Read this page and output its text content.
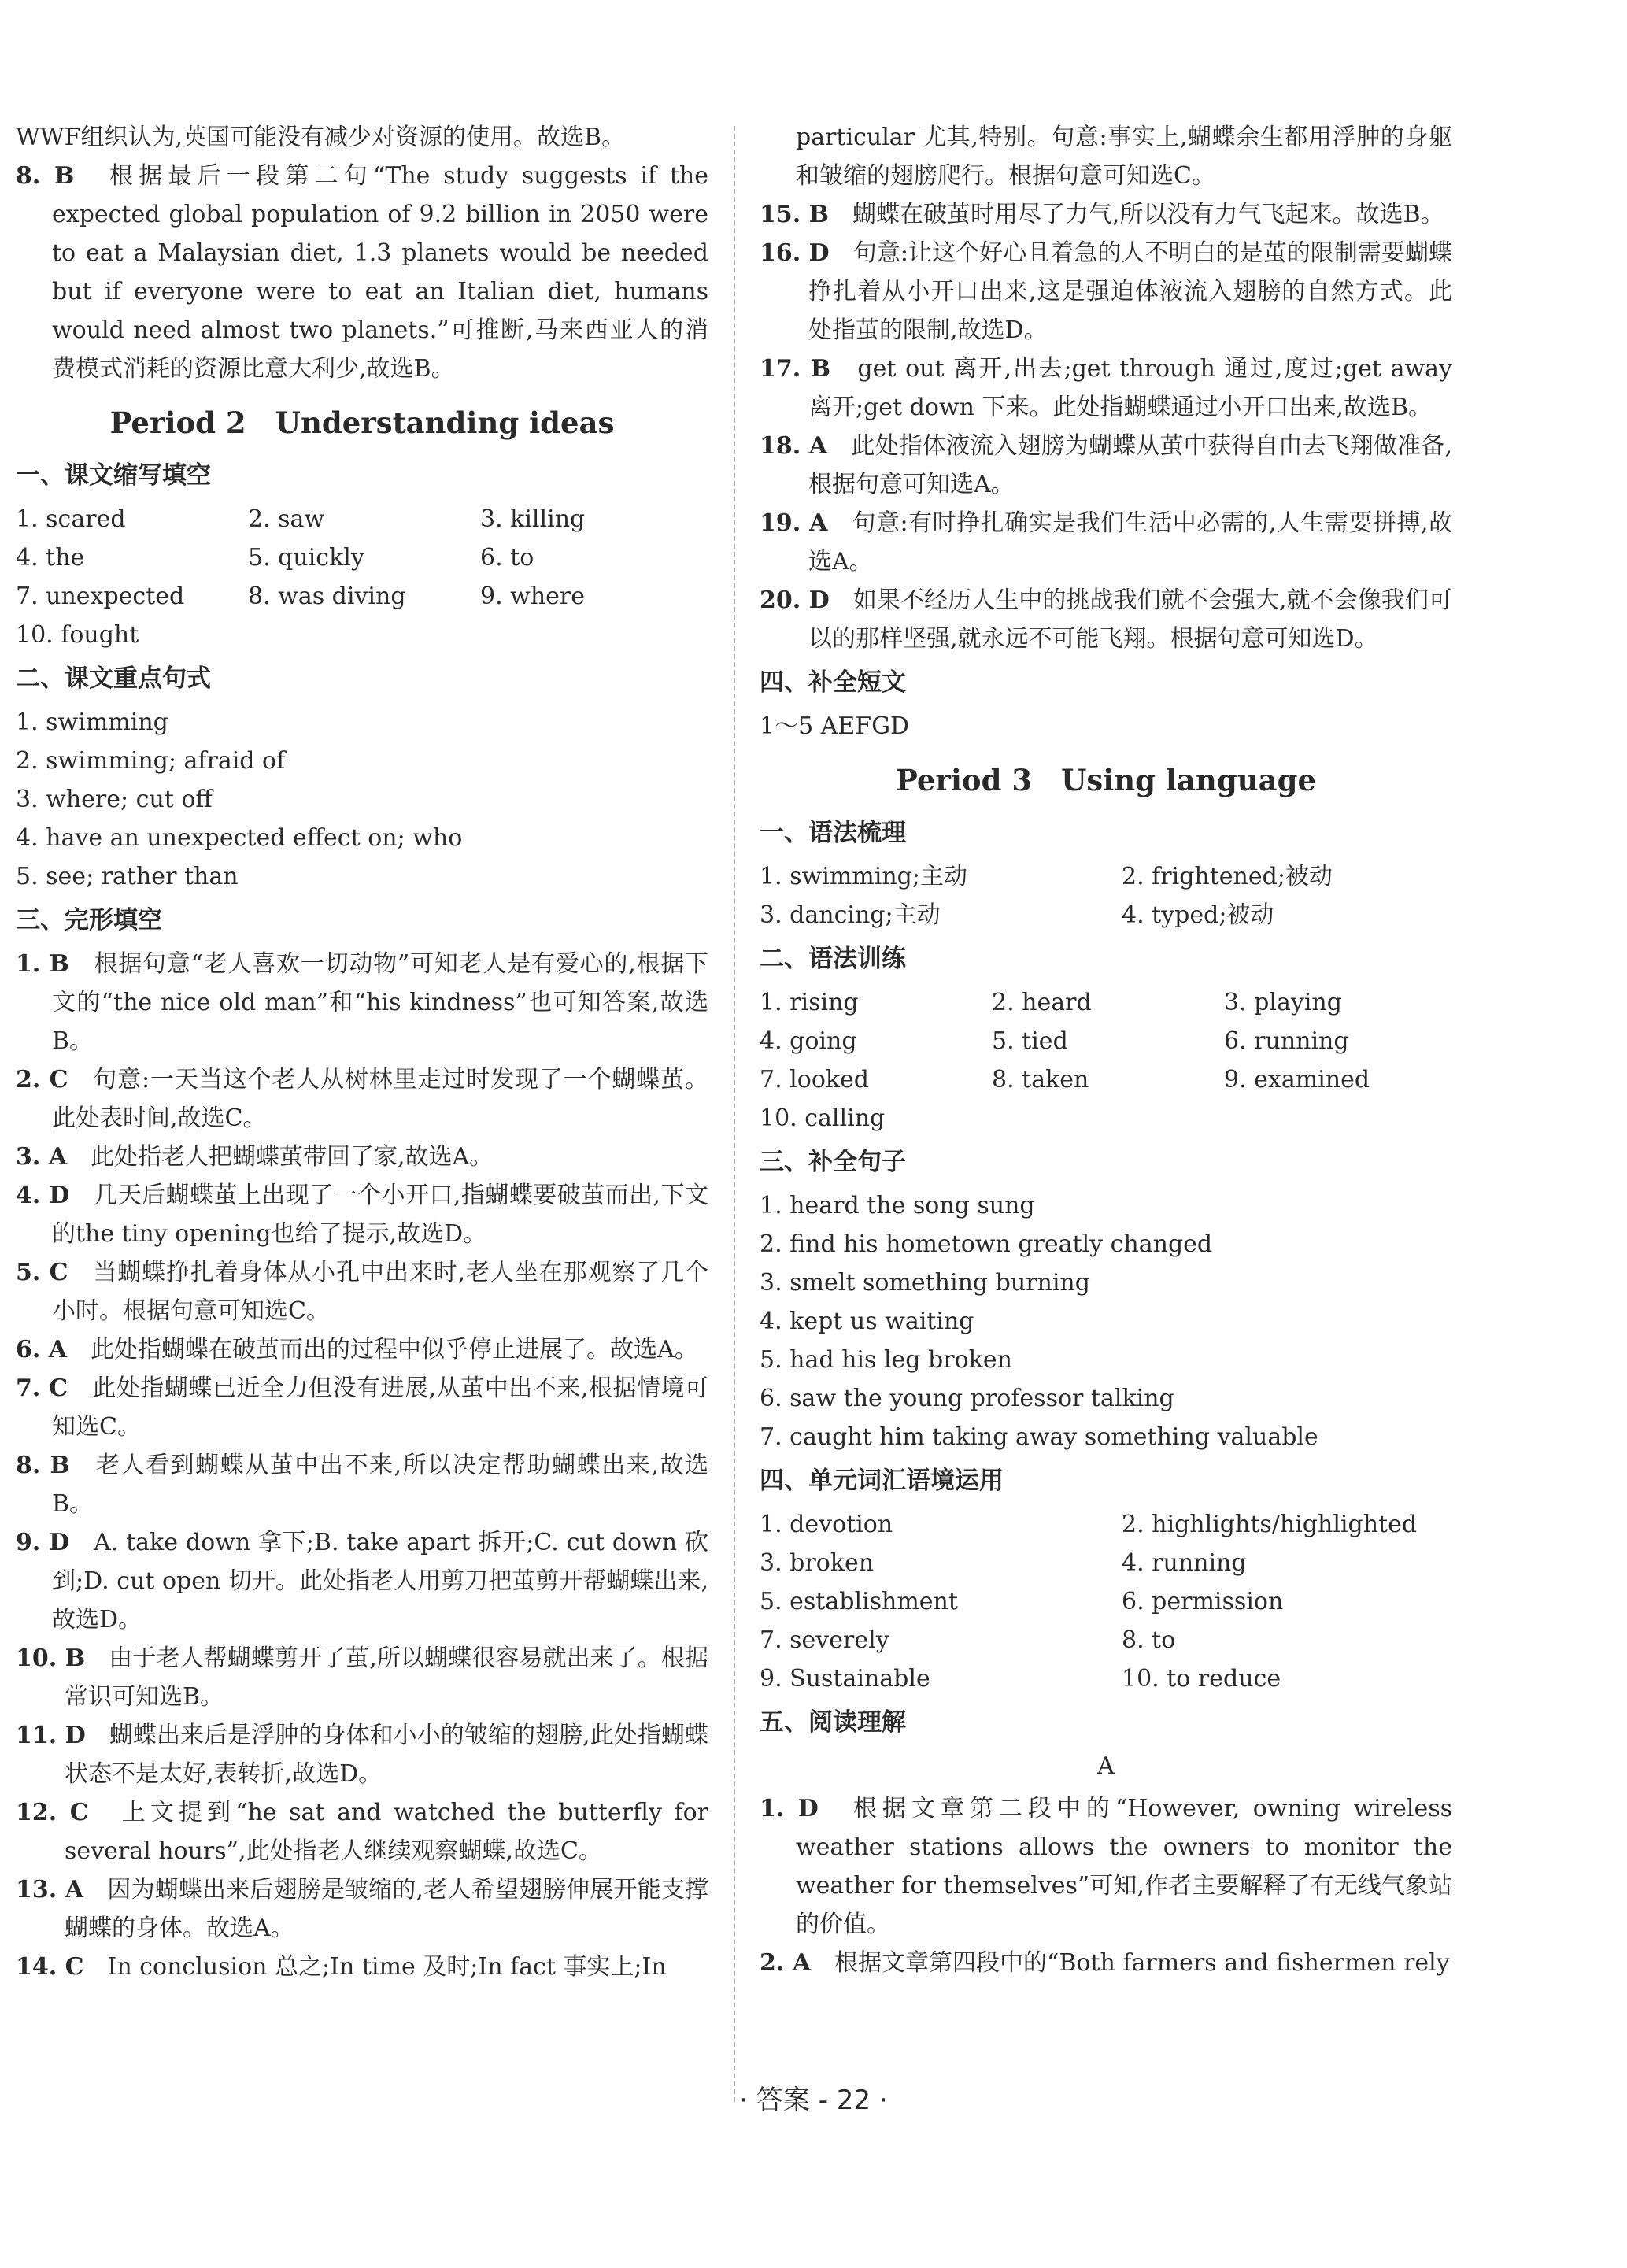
WWF组织认为,英国可能没有减少对资源的使用。故选B。

8. B　 根据最后一段第二句“The study suggests if the expected global population of 9.2 billion in 2050 were to eat a Malaysian diet, 1.3 planets would be needed but if everyone were to eat an Italian diet, humans would need almost two planets.”可推断,马来西亚人的消费模式消耗的资源比意大利少,故选B。

Period 2　Understanding ideas
一、课文缩写填空
1. scared	2. saw	3. killing
4. the	5. quickly	6. to
7. unexpected	8. was diving	9. where
10. fought
二、课文重点句式
1. swimming
2. swimming; afraid of
3. where; cut off
4. have an unexpected effect on; who
5. see; rather than
三、完形填空

1. B　 根据句意“老人喜欢一切动物”可知老人是有爱心的,根据下文的“the nice old man”和“his kindness”也可知答案,故选B。

2. C　 句意:一天当这个老人从树林里走过时发现了一个蝴蝶茧。此处表时间,故选C。

3. A　 此处指老人把蝴蝶茧带回了家,故选A。

4. D　 几天后蝴蝶茧上出现了一个小开口,指蝴蝶要破茧而出,下文的the tiny opening也给了提示,故选D。

5. C　 当蝴蝶挣扎着身体从小孔中出来时,老人坐在那观察了几个小时。根据句意可知选C。

6. A　 此处指蝴蝶在破茧而出的过程中似乎停止进展了。故选A。

7. C　 此处指蝴蝶已近全力但没有进展,从茧中出不来,根据情境可知选C。

8. B　 老人看到蝴蝶从茧中出不来,所以决定帮助蝴蝶出来,故选B。

9. D　 A. take down 拿下;B. take apart 拆开;C. cut down 砍到;D. cut open 切开。此处指老人用剪刀把茧剪开帮蝴蝶出来,故选D。

10. B　 由于老人帮蝴蝶剪开了茧,所以蝴蝶很容易就出来了。根据常识可知选B。

11. D　 蝴蝶出来后是浮肿的身体和小小的皱缩的翅膀,此处指蝴蝶状态不是太好,表转折,故选D。

12. C　 上文提到“he sat and watched the butterfly for several hours”,此处指老人继续观察蝴蝶,故选C。

13. A　 因为蝴蝶出来后翅膀是皱缩的,老人希望翅膀伸展开能支撑蝴蝶的身体。故选A。

14. C　 In conclusion 总之;In time 及时;In fact 事实上;In

particular 尤其,特别。句意:事实上,蝴蝶余生都用浮肿的身躯和皱缩的翅膀爬行。根据句意可知选C。

15. B　 蝴蝶在破茧时用尽了力气,所以没有力气飞起来。故选B。

16. D　 句意:让这个好心且着急的人不明白的是茧的限制需要蝴蝶挣扎着从小开口出来,这是强迫体液流入翅膀的自然方式。此处指茧的限制,故选D。

17. B　 get out 离开,出去;get through 通过,度过;get away 离开;get down 下来。此处指蝴蝶通过小开口出来,故选B。

18. A　 此处指体液流入翅膀为蝴蝶从茧中获得自由去飞翔做准备,根据句意可知选A。

19. A　 句意:有时挣扎确实是我们生活中必需的,人生需要拼搏,故选A。

20. D　 如果不经历人生中的挑战我们就不会强大,就不会像我们可以的那样坚强,就永远不可能飞翔。根据句意可知选D。

四、补全短文
1～5 AEFGD
Period 3　Using language
一、语法梳理
1. swimming;主动	2. frightened;被动
3. dancing;主动	4. typed;被动
二、语法训练
1. rising	2. heard	3. playing
4. going	5. tied	6. running
7. looked	8. taken	9. examined
10. calling
三、补全句子
1. heard the song sung
2. find his hometown greatly changed
3. smelt something burning
4. kept us waiting
5. had his leg broken
6. saw the young professor talking
7. caught him taking away something valuable
四、单元词汇语境运用
1. devotion	2. highlights/highlighted
3. broken	4. running
5. establishment	6. permission
7. severely	8. to
9. Sustainable	10. to reduce
五、阅读理解
A

1. D　 根据文章第二段中的“However, owning wireless weather stations allows the owners to monitor the weather for themselves”可知,作者主要解释了有无线气象站的价值。

2. A　 根据文章第四段中的“Both farmers and fishermen rely

· 答案 - 22 ·
